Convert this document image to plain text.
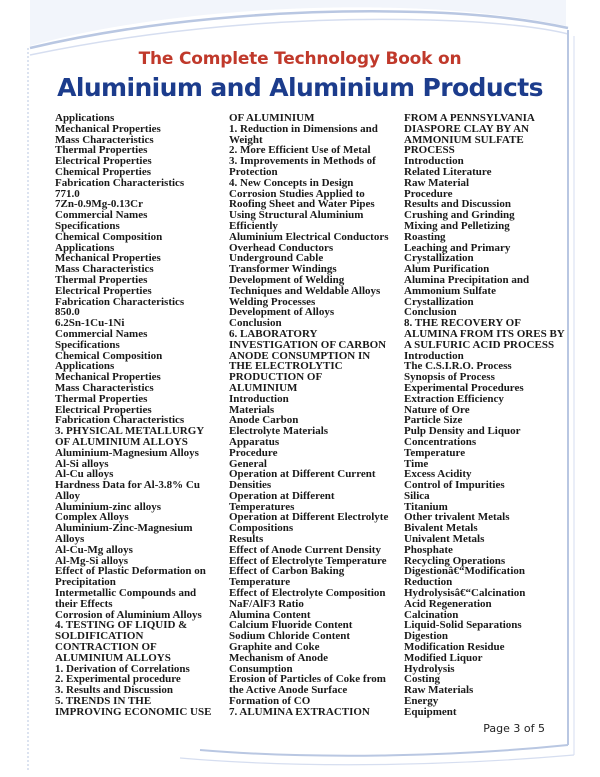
The Complete Technology Book on
Aluminium and Aluminium Products
Applications
Mechanical Properties
Mass Characteristics
Thermal Properties
Electrical Properties
Chemical Properties
Fabrication Characteristics
771.0
7Zn-0.9Mg-0.13Cr
Commercial Names
Specifications
Chemical Composition
Applications
Mechanical Properties
Mass Characteristics
Thermal Properties
Electrical Properties
Fabrication Characteristics
850.0
6.2Sn-1Cu-1Ni
Commercial Names
Specifications
Chemical Composition
Applications
Mechanical Properties
Mass Characteristics
Thermal Properties
Electrical Properties
Fabrication Characteristics
3. PHYSICAL METALLURGY
OF ALUMINIUM ALLOYS
Aluminium-Magnesium Alloys
Al-Si alloys
Al-Cu alloys
Hardness Data for Al-3.8% Cu
Alloy
Aluminium-zinc alloys
Complex Alloys
Aluminium-Zinc-Magnesium
Alloys
Al-Cu-Mg alloys
Al-Mg-Si alloys
Effect of Plastic Deformation on
Precipitation
Intermetallic Compounds and
their Effects
Corrosion of Aluminium Alloys
4. TESTING OF LIQUID &
SOLDIFICATION
CONTRACTION OF
ALUMINIUM ALLOYS
1. Derivation of Correlations
2. Experimental procedure
3. Results and Discussion
5. TRENDS IN THE
IMPROVING ECONOMIC USE
OF ALUMINIUM
1. Reduction in Dimensions and
Weight
2. More Efficient Use of Metal
3. Improvements in Methods of
Protection
4. New Concepts in Design
Corrosion Studies Applied to
Roofing Sheet and Water Pipes
Using Structural Aluminium
Efficiently
Aluminium Electrical Conductors
Overhead Conductors
Underground Cable
Transformer Windings
Development of Welding
Techniques and Weldable Alloys
Welding Processes
Development of Alloys
Conclusion
6. LABORATORY
INVESTIGATION OF CARBON
ANODE CONSUMPTION IN
THE ELECTROLYTIC
PRODUCTION OF
ALUMINIUM
Introduction
Materials
Anode Carbon
Electrolyte Materials
Apparatus
Procedure
General
Operation at Different Current
Densities
Operation at Different
Temperatures
Operation at Different Electrolyte
Compositions
Results
Effect of Anode Current Density
Effect of Electrolyte Temperature
Effect of Carbon Baking
Temperature
Effect of Electrolyte Composition
NaF/AlF3 Ratio
Alumina Content
Calcium Fluoride Content
Sodium Chloride Content
Graphite and Coke
Mechanism of Anode
Consumption
Erosion of Particles of Coke from
the Active Anode Surface
Formation of CO
7. ALUMINA EXTRACTION
FROM A PENNSYLVANIA
DIASPORE CLAY BY AN
AMMONIUM SULFATE
PROCESS
Introduction
Related Literature
Raw Material
Procedure
Results and Discussion
Crushing and Grinding
Mixing and Pelletizing
Roasting
Leaching and Primary
Crystallization
Alum Purification
Alumina Precipitation and
Ammonium Sulfate
Crystallization
Conclusion
8. THE RECOVERY OF
ALUMINA FROM ITS ORES BY
A SULFURIC ACID PROCESS
Introduction
The C.S.I.R.O. Process
Synopsis of Process
Experimental Procedures
Extraction Efficiency
Nature of Ore
Particle Size
Pulp Density and Liquor
Concentrations
Temperature
Time
Excess Acidity
Control of Impurities
Silica
Titanium
Other trivalent Metals
Bivalent Metals
Univalent Metals
Phosphate
Recycling Operations
Digestionâ€“Modification
Reduction
Hydrolysisâ€“Calcination
Acid Regeneration
Calcination
Liquid-Solid Separations
Digestion
Modification Residue
Modified Liquor
Hydrolysis
Costing
Raw Materials
Energy
Equipment
Page 3 of 5
